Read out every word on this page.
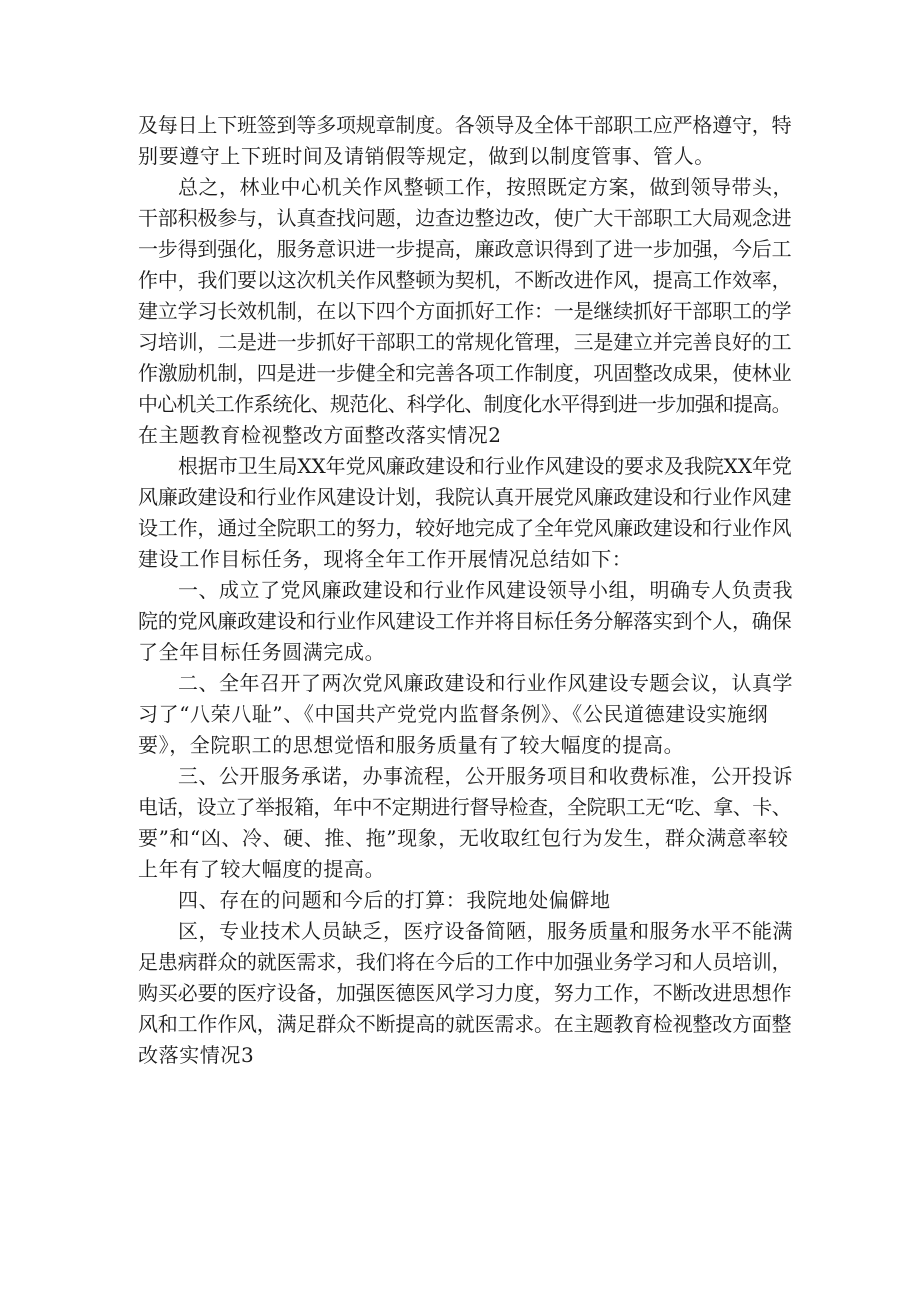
及每日上下班签到等多项规章制度。各领导及全体干部职工应严格遵守，特
别要遵守上下班时间及请销假等规定，做到以制度管事、管人。

总之，林业中心机关作风整顿工作，按照既定方案，做到领导带头，
干部积极参与，认真查找问题，边查边整边改，使广大干部职工大局观念进
一步得到强化，服务意识进一步提高，廉政意识得到了进一步加强，今后工
作中，我们要以这次机关作风整顿为契机，不断改进作风，提高工作效率，
建立学习长效机制，在以下四个方面抓好工作：一是继续抓好干部职工的学
习培训，二是进一步抓好干部职工的常规化管理，三是建立并完善良好的工
作激励机制，四是进一步健全和完善各项工作制度，巩固整改成果，使林业
中心机关工作系统化、规范化、科学化、制度化水平得到进一步加强和提高。
在主题教育检视整改方面整改落实情况2

根据市卫生局XX年党风廉政建设和行业作风建设的要求及我院XX年党
风廉政建设和行业作风建设计划，我院认真开展党风廉政建设和行业作风建
设工作，通过全院职工的努力，较好地完成了全年党风廉政建设和行业作风
建设工作目标任务，现将全年工作开展情况总结如下：

一、成立了党风廉政建设和行业作风建设领导小组，明确专人负责我
院的党风廉政建设和行业作风建设工作并将目标任务分解落实到个人，确保
了全年目标任务圆满完成。

二、全年召开了两次党风廉政建设和行业作风建设专题会议，认真学
习了“八荣八耻”、《中国共产党党内监督条例》、《公民道德建设实施纲
要》，全院职工的思想觉悟和服务质量有了较大幅度的提高。

三、公开服务承诺，办事流程，公开服务项目和收费标准，公开投诉
电话，设立了举报箱，年中不定期进行督导检查，全院职工无“吃、拿、卡、
要”和“凶、冷、硬、推、拖”现象，无收取红包行为发生，群众满意率较
上年有了较大幅度的提高。

四、存在的问题和今后的打算：我院地处偏僻地

区，专业技术人员缺乏，医疗设备简陋，服务质量和服务水平不能满
足患病群众的就医需求，我们将在今后的工作中加强业务学习和人员培训，
购买必要的医疗设备，加强医德医风学习力度，努力工作，不断改进思想作
风和工作作风，满足群众不断提高的就医需求。在主题教育检视整改方面整
改落实情况3
